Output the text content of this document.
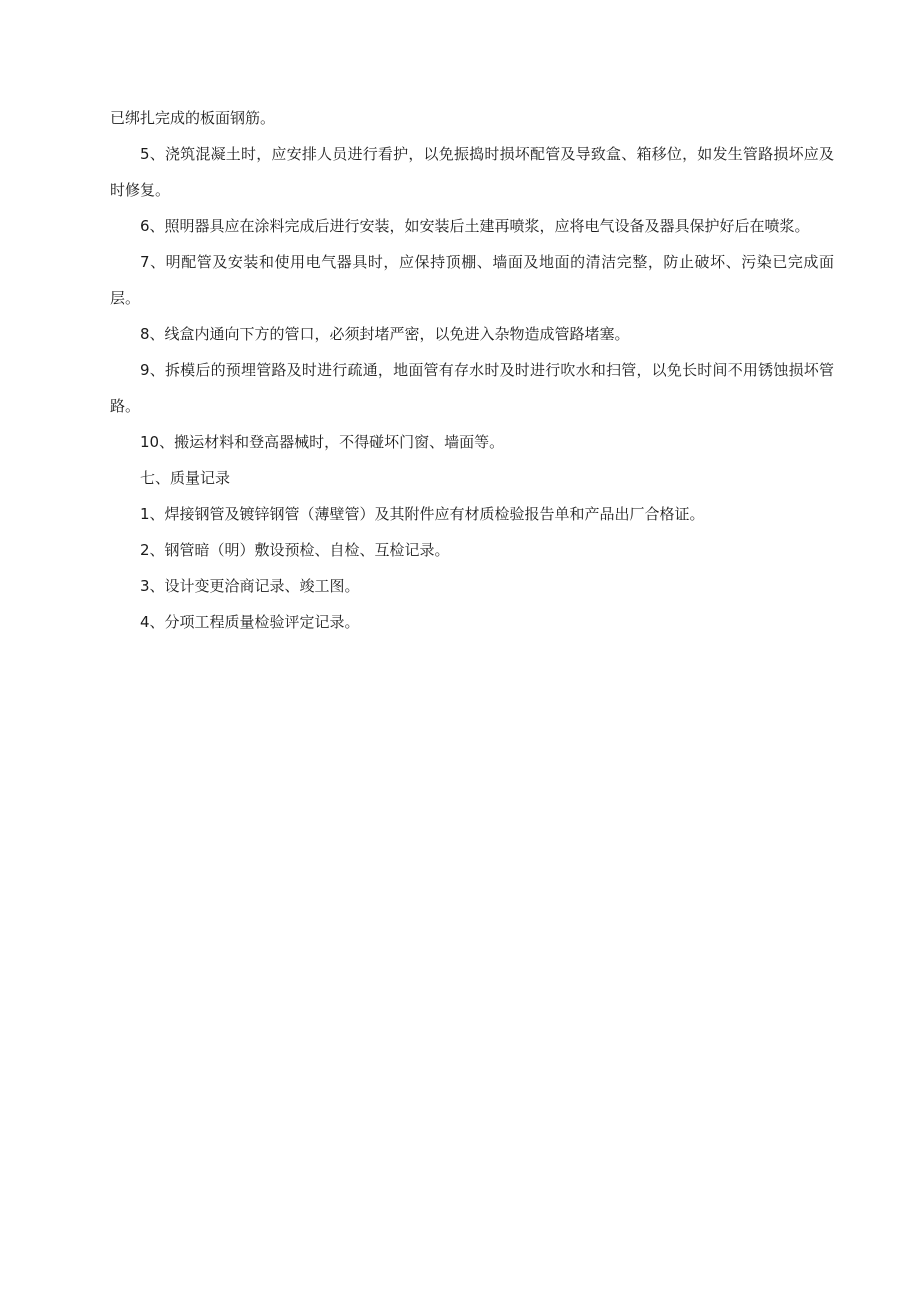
已绑扎完成的板面钢筋。

5、浇筑混凝土时，应安排人员进行看护，以免振捣时损坏配管及导致盒、箱移位，如发生管路损坏应及时修复。

6、照明器具应在涂料完成后进行安装，如安装后土建再喷浆，应将电气设备及器具保护好后在喷浆。

7、明配管及安装和使用电气器具时，应保持顶棚、墙面及地面的清洁完整，防止破坏、污染已完成面层。

8、线盒内通向下方的管口，必须封堵严密，以免进入杂物造成管路堵塞。

9、拆模后的预埋管路及时进行疏通，地面管有存水时及时进行吹水和扫管，以免长时间不用锈蚀损坏管路。

10、搬运材料和登高器械时，不得碰坏门窗、墙面等。

七、质量记录

1、焊接钢管及镀锌钢管（薄壁管）及其附件应有材质检验报告单和产品出厂合格证。

2、钢管暗（明）敷设预检、自检、互检记录。

3、设计变更洽商记录、竣工图。

4、分项工程质量检验评定记录。
